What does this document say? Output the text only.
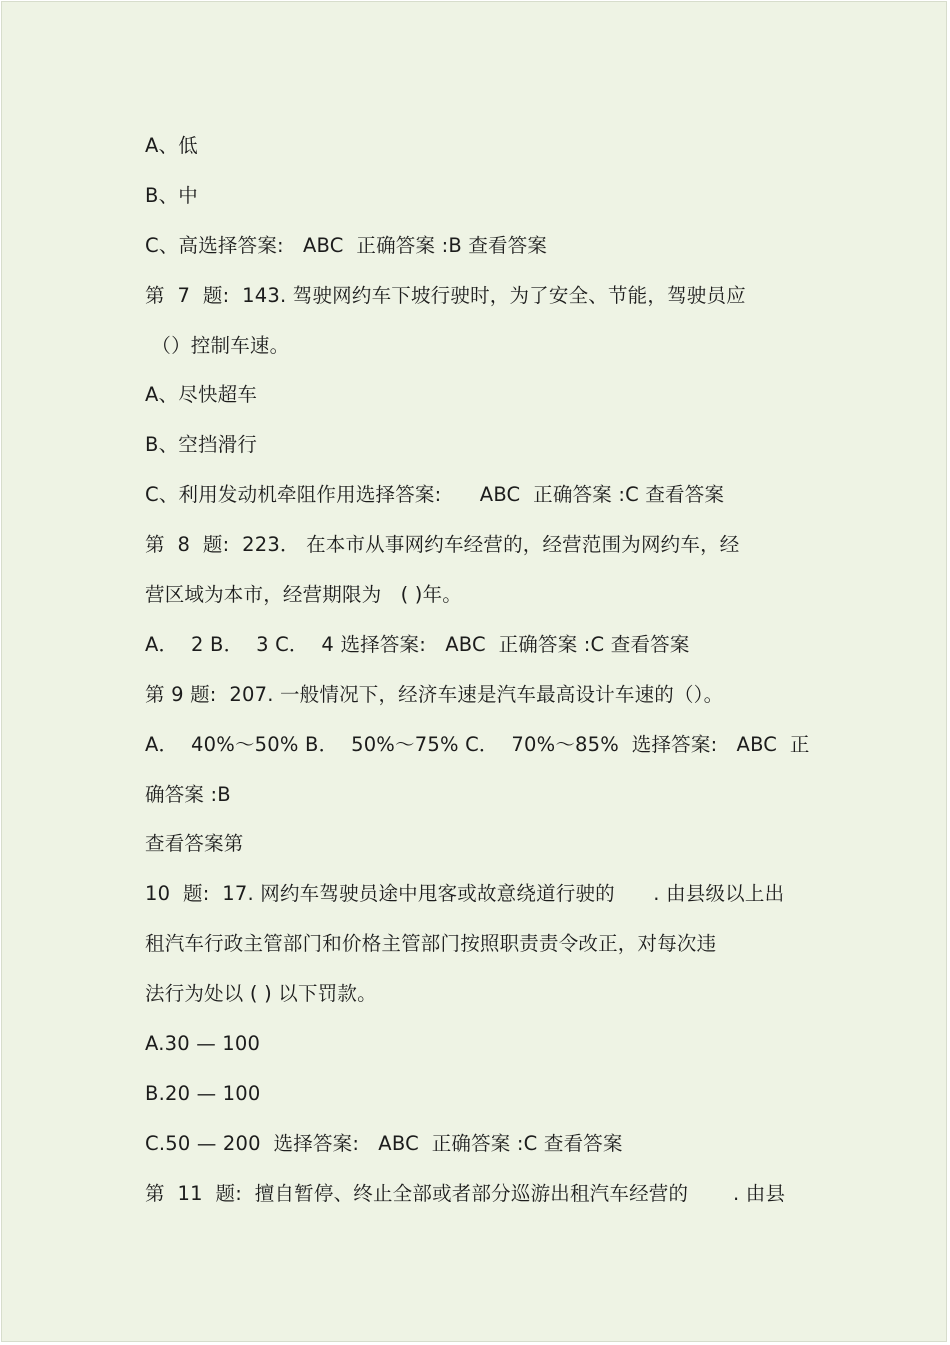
A、低
B、中
C、高选择答案:   ABC  正确答案 :B 查看答案
第  7  题:  143. 驾驶网约车下坡行驶时，为了安全、节能，驾驶员应
（）控制车速。
A、尽快超车
B、空挡滑行
C、利用发动机牵阻作用选择答案:      ABC  正确答案 :C 查看答案
第  8  题:  223． 在本市从事网约车经营的，经营范围为网约车，经
营区域为本市，经营期限为   ( )年。
A．  2 B．  3 C．  4 选择答案:   ABC  正确答案 :C 查看答案
第 9 题:  207. 一般情况下，经济车速是汽车最高设计车速的（）。
A．  40%～50% B．  50%～75% C．  70%～85%  选择答案:   ABC  正
确答案 :B
查看答案第
10  题:  17. 网约车驾驶员途中甩客或故意绕道行驶的      . 由县级以上出
租汽车行政主管部门和价格主管部门按照职责责令改正，对每次违
法行为处以 ( ) 以下罚款。
A.30 — 100
B.20 — 100
C.50 — 200  选择答案:   ABC  正确答案 :C 查看答案
第  11  题:  擅自暂停、终止全部或者部分巡游出租汽车经营的       . 由县
